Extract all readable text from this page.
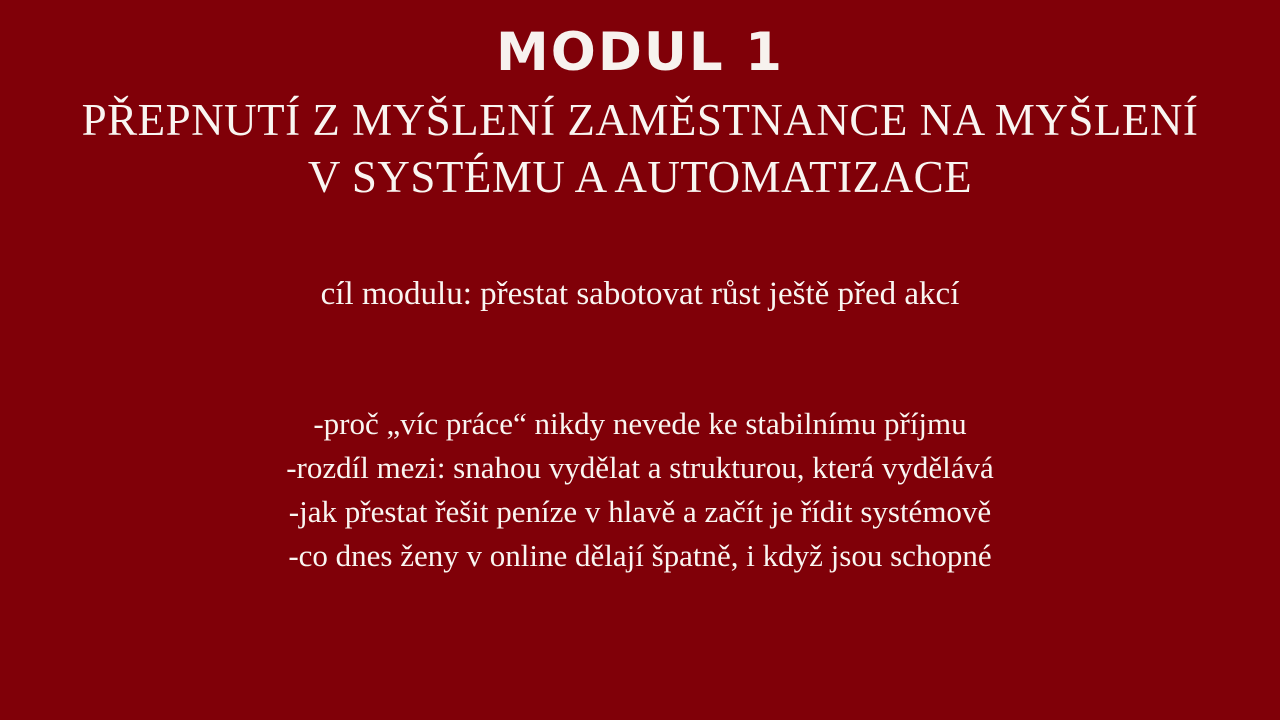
MODUL 1
PŘEPNUTÍ Z MYŠLENÍ ZAMĚSTNANCE NA MYŠLENÍ V SYSTÉMU A AUTOMATIZACE
cíl modulu: přestat sabotovat růst ještě před akcí
-proč „víc práce“ nikdy nevede ke stabilnímu příjmu
-rozdíl mezi: snahou vydělat a strukturou, která vydělává
-jak přestat řešit peníze v hlavě a začít je řídit systémově
-co dnes ženy v online dělají špatně, i když jsou schopné
